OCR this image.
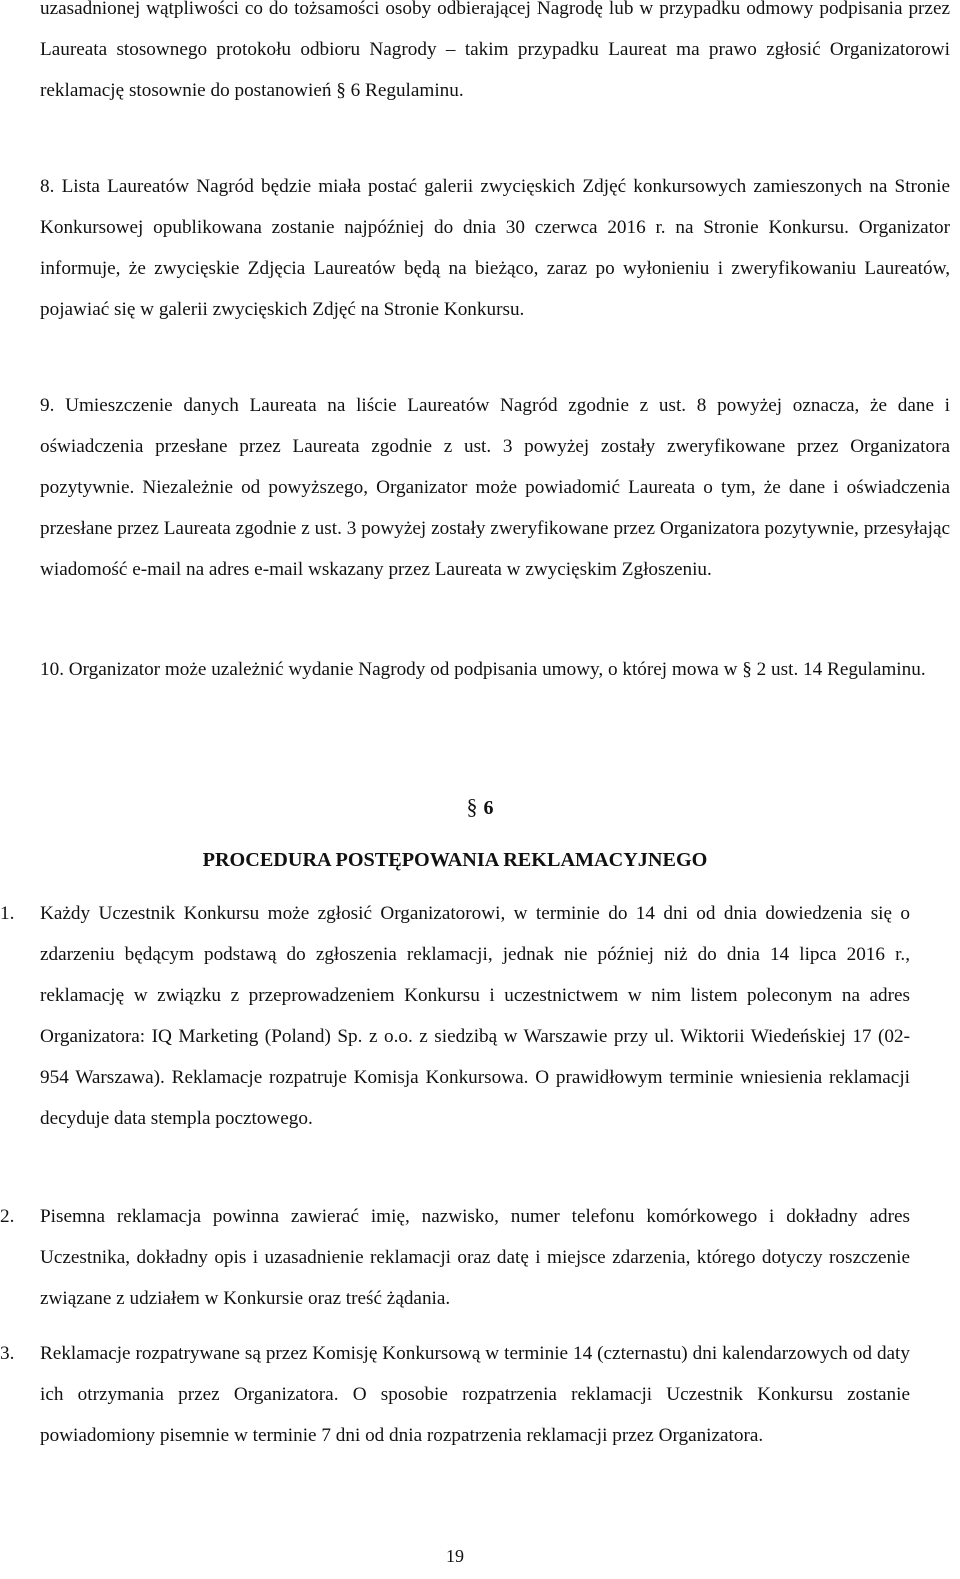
uzasadnionej wątpliwości co do tożsamości osoby odbierającej Nagrodę lub w przypadku odmowy podpisania przez Laureata stosownego protokołu odbioru Nagrody – takim przypadku Laureat ma prawo zgłosić Organizatorowi reklamację stosownie do postanowień § 6 Regulaminu.
8. Lista Laureatów Nagród będzie miała postać galerii zwycięskich Zdjęć konkursowych zamieszonych na Stronie Konkursowej opublikowana zostanie najpóźniej do dnia 30 czerwca 2016 r. na Stronie Konkursu. Organizator informuje, że zwycięskie Zdjęcia Laureatów będą na bieżąco, zaraz po wyłonieniu i zweryfikowaniu Laureatów, pojawiać się w galerii zwycięskich Zdjęć na Stronie Konkursu.
9. Umieszczenie danych Laureata na liście Laureatów Nagród zgodnie z ust. 8 powyżej oznacza, że dane i oświadczenia przesłane przez Laureata zgodnie z ust. 3 powyżej zostały zweryfikowane przez Organizatora pozytywnie. Niezależnie od powyższego, Organizator może powiadomić Laureata o tym, że dane i oświadczenia przesłane przez Laureata zgodnie z ust. 3 powyżej zostały zweryfikowane przez Organizatora pozytywnie, przesyłając wiadomość e-mail na adres e-mail wskazany przez Laureata w zwycięskim Zgłoszeniu.
10. Organizator może uzależnić wydanie Nagrody od podpisania umowy, o której mowa w § 2 ust. 14 Regulaminu.
§ 6
PROCEDURA POSTĘPOWANIA REKLAMACYJNEGO
1. Każdy Uczestnik Konkursu może zgłosić Organizatorowi, w terminie do 14 dni od dnia dowiedzenia się o zdarzeniu będącym podstawą do zgłoszenia reklamacji, jednak nie później niż do dnia 14 lipca 2016 r., reklamację w związku z przeprowadzeniem Konkursu i uczestnictwem w nim listem poleconym na adres Organizatora: IQ Marketing (Poland) Sp. z o.o. z siedzibą w Warszawie przy ul. Wiktorii Wiedeńskiej 17 (02-954 Warszawa). Reklamacje rozpatruje Komisja Konkursowa. O prawidłowym terminie wniesienia reklamacji decyduje data stempla pocztowego.
2. Pisemna reklamacja powinna zawierać imię, nazwisko, numer telefonu komórkowego i dokładny adres Uczestnika, dokładny opis i uzasadnienie reklamacji oraz datę i miejsce zdarzenia, którego dotyczy roszczenie związane z udziałem w Konkursie oraz treść żądania.
3. Reklamacje rozpatrywane są przez Komisję Konkursową w terminie 14 (czternastu) dni kalendarzowych od daty ich otrzymania przez Organizatora. O sposobie rozpatrzenia reklamacji Uczestnik Konkursu zostanie powiadomiony pisemnie w terminie 7 dni od dnia rozpatrzenia reklamacji przez Organizatora.
19
